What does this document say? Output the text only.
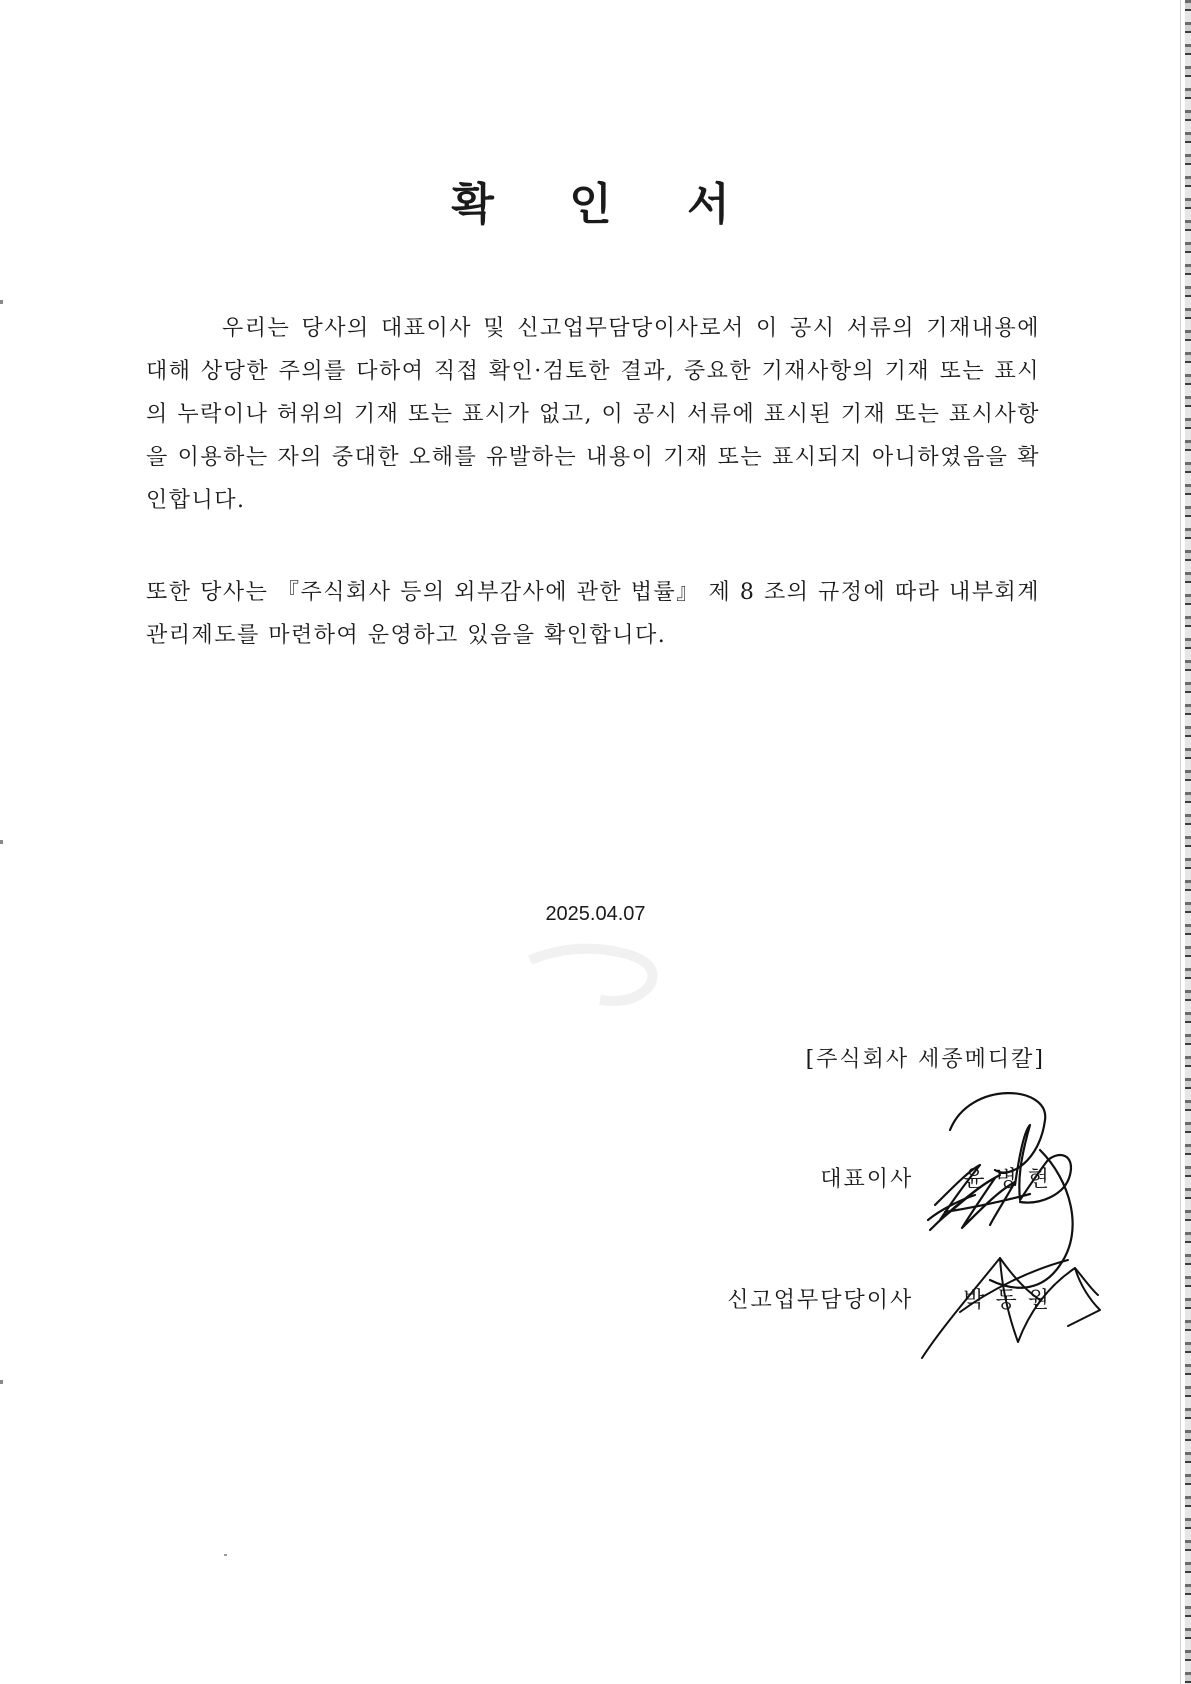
확 인 서
우리는 당사의 대표이사 및 신고업무담당이사로서 이 공시 서류의 기재내용에 대해 상당한 주의를 다하여 직접 확인·검토한 결과, 중요한 기재사항의 기재 또는 표시의 누락이나 허위의 기재 또는 표시가 없고, 이 공시 서류에 표시된 기재 또는 표시사항을 이용하는 자의 중대한 오해를 유발하는 내용이 기재 또는 표시되지 아니하였음을 확인합니다.
또한 당사는 『주식회사 등의 외부감사에 관한 법률』 제 8 조의 규정에 따라 내부회계 관리제도를 마련하여 운영하고 있음을 확인합니다.
2025.04.07
[주식회사 세종메디칼]
대표이사 윤 병 현
신고업무담당이사 박 동 원
